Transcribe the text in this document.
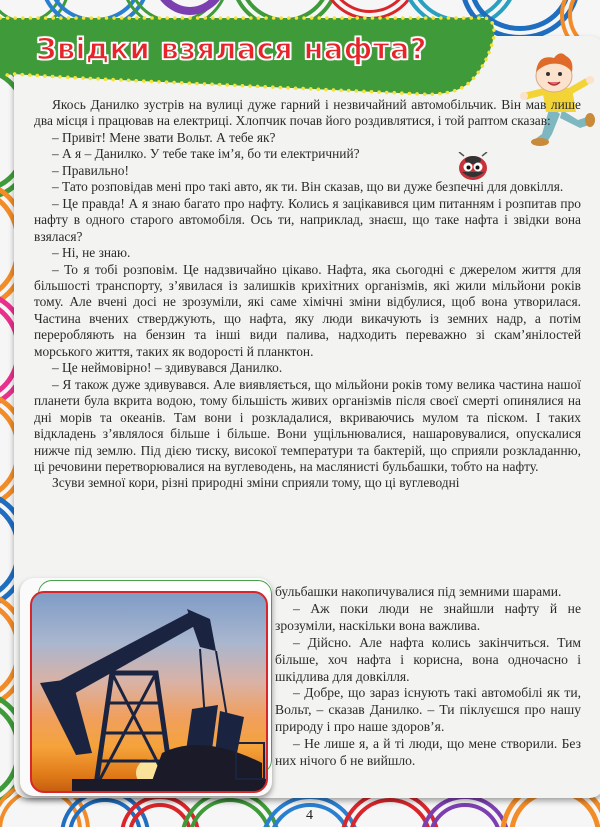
Звідки взялася нафта?

Якось Данилко зустрів на вулиці дуже гарний і незвичайний автомобільчик. Він мав лише два місця і працював на електриці. Хлопчик почав його роздивлятися, і той раптом сказав:

– Привіт! Мене звати Вольт. А тебе як?

– А я – Данилко. У тебе таке ім’я, бо ти електричний?

– Правильно!

– Тато розповідав мені про такі авто, як ти. Він сказав, що ви дуже безпечні для довкілля.

– Це правда! А я знаю багато про нафту. Колись я зацікавився цим питанням і розпитав про нафту в одного старого автомобіля. Ось ти, наприклад, знаєш, що таке нафта і звідки вона взялася?

– Ні, не знаю.

– То я тобі розповім. Це надзвичайно цікаво. Нафта, яка сьогодні є джерелом життя для більшості транспорту, з’явилася із залишків крихітних організмів, які жили мільйони років тому. Але вчені досі не зрозуміли, які саме хімічні зміни відбулися, щоб вона утворилася. Частина вчених стверджують, що нафта, яку люди викачують із земних надр, а потім переробляють на бензин та інші види палива, надходить переважно зі скам’янілостей морського життя, таких як водорості й планктон.

– Це неймовірно! – здивувався Данилко.

– Я також дуже здивувався. Але виявляється, що мільйони років тому велика частина нашої планети була вкрита водою, тому більшість живих організмів після своєї смерті опинялися на дні морів та океанів. Там вони і розкладалися, вкриваючись мулом та піском. І таких відкладень з’являлося більше і більше. Вони ущільнювалися, нашаровувалися, опускалися нижче під землю. Під дією тиску, високої температури та бактерій, що сприяли розкладанню, ці речовини перетворювалися на вуглеводень, на маслянисті бульбашки, тобто на нафту.

Зсуви земної кори, різні природні зміни сприяли тому, що ці вуглеводні

бульбашки накопичувалися під земними шарами.

– Аж поки люди не знайшли нафту й не зрозуміли, наскільки вона важлива.

– Дійсно. Але нафта колись закінчиться. Тим більше, хоч нафта і корисна, вона одночасно і шкідлива для довкілля.

– Добре, що зараз існують такі автомобілі як ти, Вольт, – сказав Данилко. – Ти піклуєшся про нашу природу і про наше здоров’я.

– Не лише я, а й ті люди, що мене створили. Без них нічого б не вийшло.

4
